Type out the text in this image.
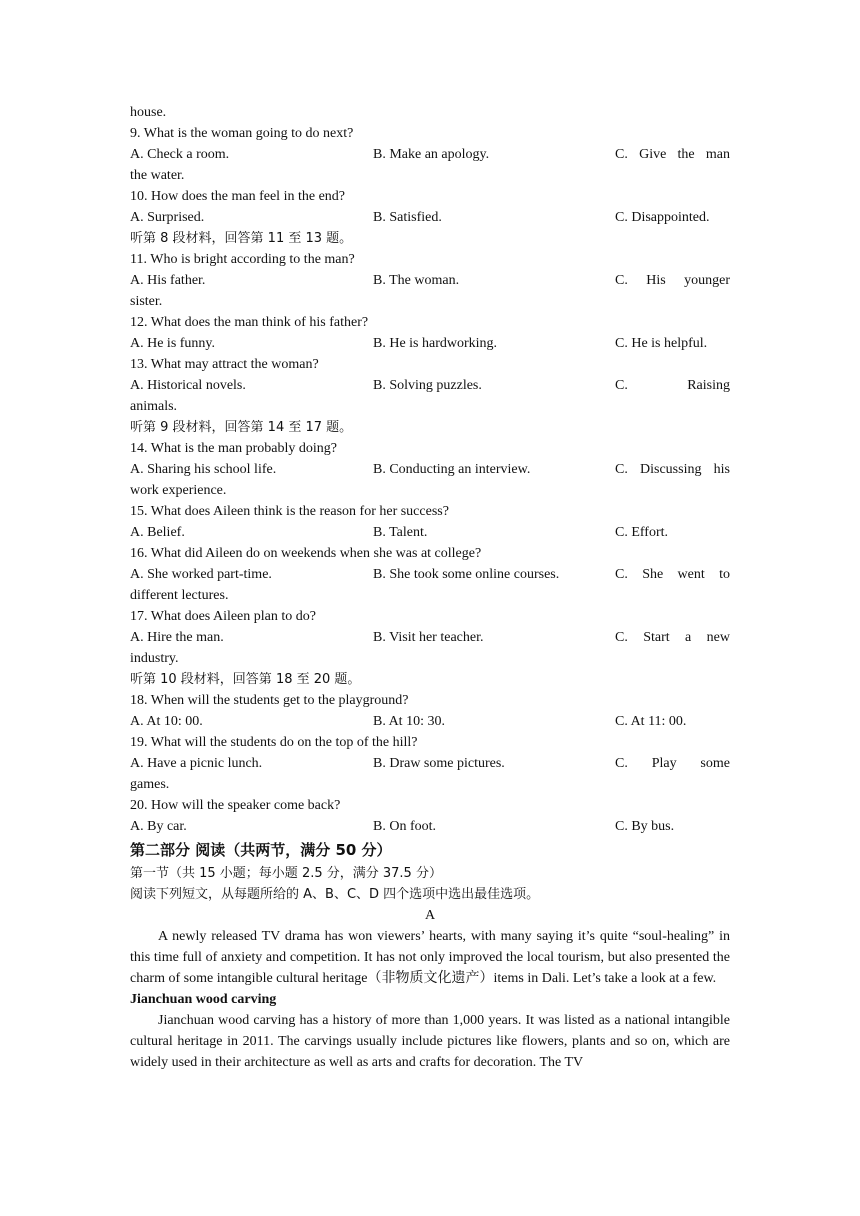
house.
9. What is the woman going to do next?
A. Check a room.	B. Make an apology.	C. Give the man
the water.
10. How does the man feel in the end?
A. Surprised.	B. Satisfied.	C. Disappointed.
听第 8 段材料，回答第 11 至 13 题。
11. Who is bright according to the man?
A. His father.	B. The woman.	C. His younger
sister.
12. What does the man think of his father?
A. He is funny.	B. He is hardworking.	C. He is helpful.
13. What may attract the woman?
A. Historical novels.	B. Solving puzzles.	C.	Raising
animals.
听第 9 段材料，回答第 14 至 17 题。
14. What is the man probably doing?
A. Sharing his school life.	B. Conducting an interview.	C. Discussing his
work experience.
15. What does Aileen think is the reason for her success?
A. Belief.	B. Talent.	C. Effort.
16. What did Aileen do on weekends when she was at college?
A. She worked part-time.	B. She took some online courses.	C. She went to
different lectures.
17. What does Aileen plan to do?
A. Hire the man.	B. Visit her teacher.	C. Start a new
industry.
听第 10 段材料，回答第 18 至 20 题。
18. When will the students get to the playground?
A. At 10: 00.	B. At 10: 30.	C. At 11: 00.
19. What will the students do on the top of the hill?
A. Have a picnic lunch.	B. Draw some pictures.	C. Play some
games.
20. How will the speaker come back?
A. By car.	B. On foot.	C. By bus.
第二部分 阅读（共两节，满分 50 分）
第一节（共 15 小题；每小题 2.5 分，满分 37.5 分）
阅读下列短文，从每题所给的 A、B、C、D 四个选项中选出最佳选项。
A
A newly released TV drama has won viewers’ hearts, with many saying it’s quite “soul-healing” in this time full of anxiety and competition. It has not only improved the local tourism, but also presented the charm of some intangible cultural heritage（非物质文化遗产）items in Dali. Let’s take a look at a few.
Jianchuan wood carving
Jianchuan wood carving has a history of more than 1,000 years. It was listed as a national intangible cultural heritage in 2011. The carvings usually include pictures like flowers, plants and so on, which are widely used in their architecture as well as arts and crafts for decoration. The TV
